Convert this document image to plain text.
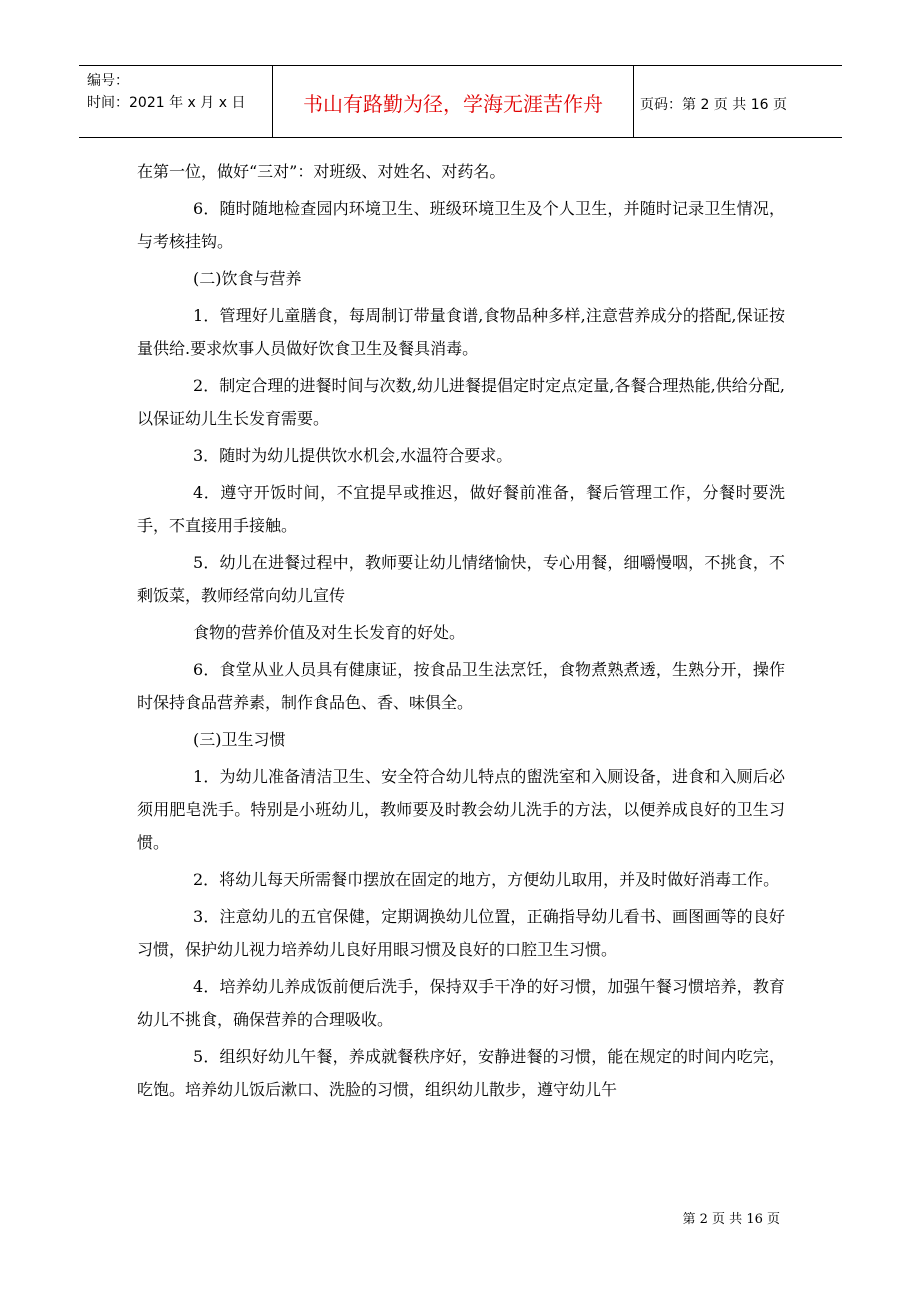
编号：
时间：2021 年 x 月 x 日	书山有路勤为径，学海无涯苦作舟	页码：第 2 页 共 16 页

在第一位，做好“三对”：对班级、对姓名、对药名。

6．随时随地检查园内环境卫生、班级环境卫生及个人卫生，并随时记录卫生情况，与考核挂钩。

(二)饮食与营养

1．管理好儿童膳食，每周制订带量食谱,食物品种多样,注意营养成分的搭配,保证按量供给.要求炊事人员做好饮食卫生及餐具消毒。

2．制定合理的进餐时间与次数,幼儿进餐提倡定时定点定量,各餐合理热能,供给分配,以保证幼儿生长发育需要。

3．随时为幼儿提供饮水机会,水温符合要求。

4．遵守开饭时间，不宜提早或推迟，做好餐前准备，餐后管理工作，分餐时要洗手，不直接用手接触。

5．幼儿在进餐过程中，教师要让幼儿情绪愉快，专心用餐，细嚼慢咽，不挑食，不剩饭菜，教师经常向幼儿宣传

食物的营养价值及对生长发育的好处。

6．食堂从业人员具有健康证，按食品卫生法烹饪，食物煮熟煮透，生熟分开，操作时保持食品营养素，制作食品色、香、味俱全。

(三)卫生习惯

1．为幼儿准备清洁卫生、安全符合幼儿特点的盥洗室和入厕设备，进食和入厕后必须用肥皂洗手。特别是小班幼儿，教师要及时教会幼儿洗手的方法，以便养成良好的卫生习惯。

2．将幼儿每天所需餐巾摆放在固定的地方，方便幼儿取用，并及时做好消毒工作。

3．注意幼儿的五官保健，定期调换幼儿位置，正确指导幼儿看书、画图画等的良好习惯，保护幼儿视力培养幼儿良好用眼习惯及良好的口腔卫生习惯。

4．培养幼儿养成饭前便后洗手，保持双手干净的好习惯，加强午餐习惯培养，教育幼儿不挑食，确保营养的合理吸收。

5．组织好幼儿午餐，养成就餐秩序好，安静进餐的习惯，能在规定的时间内吃完，吃饱。培养幼儿饭后漱口、洗脸的习惯，组织幼儿散步，遵守幼儿午

第 2 页 共 16 页
